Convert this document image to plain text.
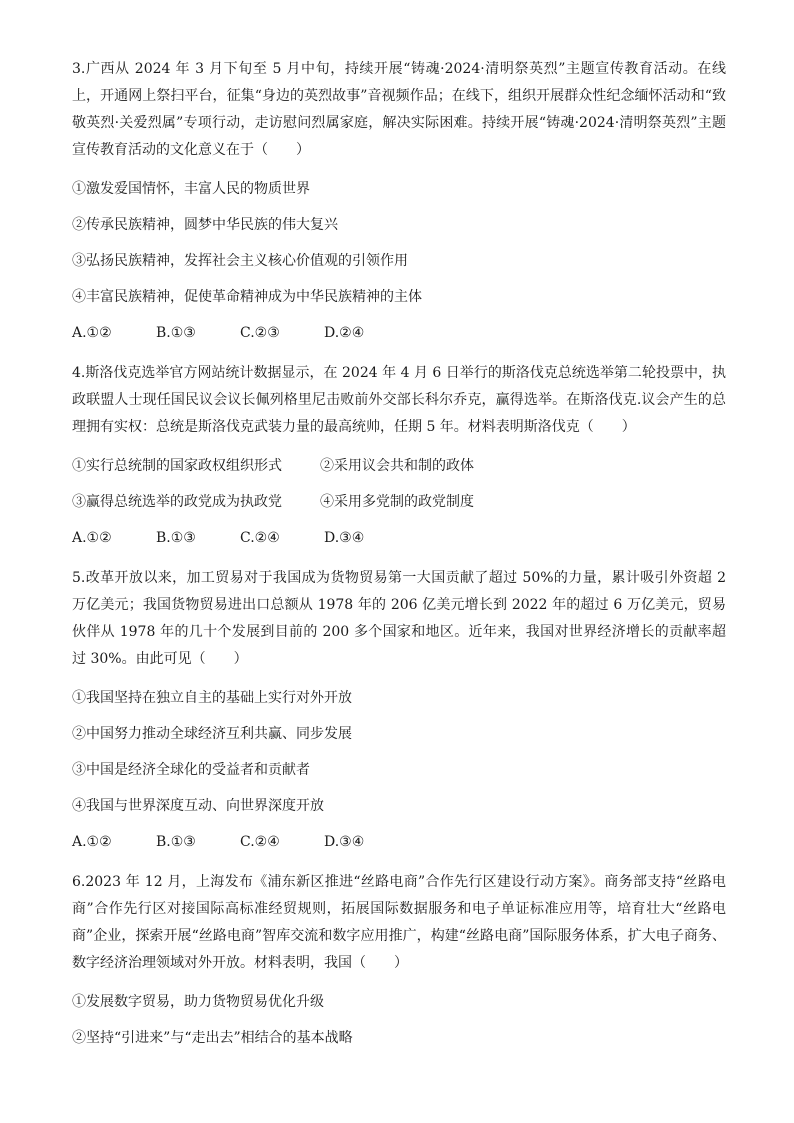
3.广西从 2024 年 3 月下旬至 5 月中旬，持续开展“铸魂·2024·清明祭英烈”主题宣传教育活动。在线上，开通网上祭扫平台，征集“身边的英烈故事”音视频作品；在线下，组织开展群众性纪念缅怀活动和“致敬英烈·关爱烈属”专项行动，走访慰问烈属家庭，解决实际困难。持续开展“铸魂·2024·清明祭英烈”主题宣传教育活动的文化意义在于（　　）

①激发爱国情怀，丰富人民的物质世界

②传承民族精神，圆梦中华民族的伟大复兴

③弘扬民族精神，发挥社会主义核心价值观的引领作用

④丰富民族精神，促使革命精神成为中华民族精神的主体

A.①②	B.①③	C.②③	D.②④

4.斯洛伐克选举官方网站统计数据显示，在 2024 年 4 月 6 日举行的斯洛伐克总统选举第二轮投票中，执政联盟人士现任国民议会议长佩列格里尼击败前外交部长科尔乔克，赢得选举。在斯洛伐克.议会产生的总理拥有实权：总统是斯洛伐克武装力量的最高统帅，任期 5 年。材料表明斯洛伐克（　　）

①实行总统制的国家政权组织形式	②采用议会共和制的政体
③赢得总统选举的政党成为执政党	④采用多党制的政党制度
A.①②	B.①③	C.②④	D.③④

5.改革开放以来，加工贸易对于我国成为货物贸易第一大国贡献了超过 50%的力量，累计吸引外资超 2 万亿美元；我国货物贸易进出口总额从 1978 年的 206 亿美元增长到 2022 年的超过 6 万亿美元，贸易伙伴从 1978 年的几十个发展到目前的 200 多个国家和地区。近年来，我国对世界经济增长的贡献率超过 30%。由此可见（　　）

①我国坚持在独立自主的基础上实行对外开放

②中国努力推动全球经济互利共赢、同步发展

③中国是经济全球化的受益者和贡献者

④我国与世界深度互动、向世界深度开放

A.①②	B.①③	C.②④	D.③④

6.2023 年 12 月，上海发布《浦东新区推进“丝路电商”合作先行区建设行动方案》。商务部支持“丝路电商”合作先行区对接国际高标准经贸规则，拓展国际数据服务和电子单证标准应用等，培育壮大“丝路电商”企业，探索开展“丝路电商”智库交流和数字应用推广，构建“丝路电商”国际服务体系，扩大电子商务、数字经济治理领域对外开放。材料表明，我国（　　）

①发展数字贸易，助力货物贸易优化升级

②坚持“引进来”与“走出去”相结合的基本战略
